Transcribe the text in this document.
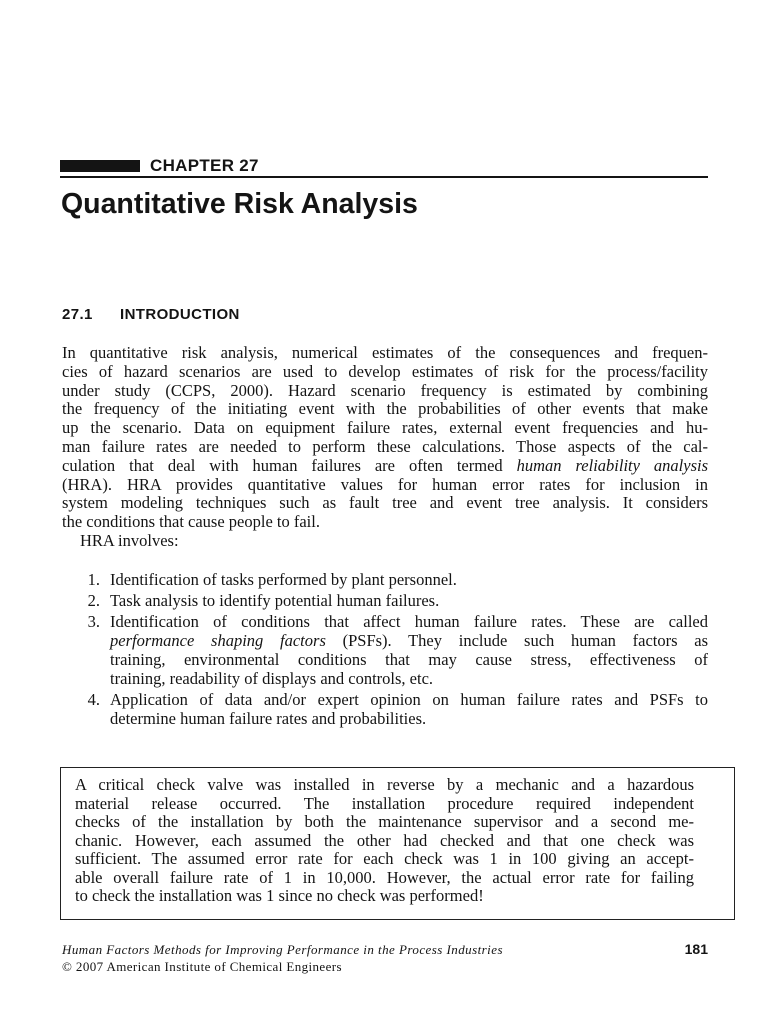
CHAPTER 27
Quantitative Risk Analysis
27.1 INTRODUCTION
In quantitative risk analysis, numerical estimates of the consequences and frequen-
cies of hazard scenarios are used to develop estimates of risk for the process/facility
under study (CCPS, 2000). Hazard scenario frequency is estimated by combining
the frequency of the initiating event with the probabilities of other events that make
up the scenario. Data on equipment failure rates, external event frequencies and hu-
man failure rates are needed to perform these calculations. Those aspects of the cal-
culation that deal with human failures are often termed human reliability analysis
(HRA). HRA provides quantitative values for human error rates for inclusion in
system modeling techniques such as fault tree and event tree analysis. It considers
the conditions that cause people to fail.
HRA involves:
1. Identification of tasks performed by plant personnel.
2. Task analysis to identify potential human failures.
3. Identification of conditions that affect human failure rates. These are called
performance shaping factors (PSFs). They include such human factors as
training, environmental conditions that may cause stress, effectiveness of
training, readability of displays and controls, etc.
4. Application of data and/or expert opinion on human failure rates and PSFs to
determine human failure rates and probabilities.
A critical check valve was installed in reverse by a mechanic and a hazardous
material release occurred. The installation procedure required independent
checks of the installation by both the maintenance supervisor and a second me-
chanic. However, each assumed the other had checked and that one check was
sufficient. The assumed error rate for each check was 1 in 100 giving an accept-
able overall failure rate of 1 in 10,000. However, the actual error rate for failing
to check the installation was 1 since no check was performed!
Human Factors Methods for Improving Performance in the Process Industries	181
© 2007 American Institute of Chemical Engineers
